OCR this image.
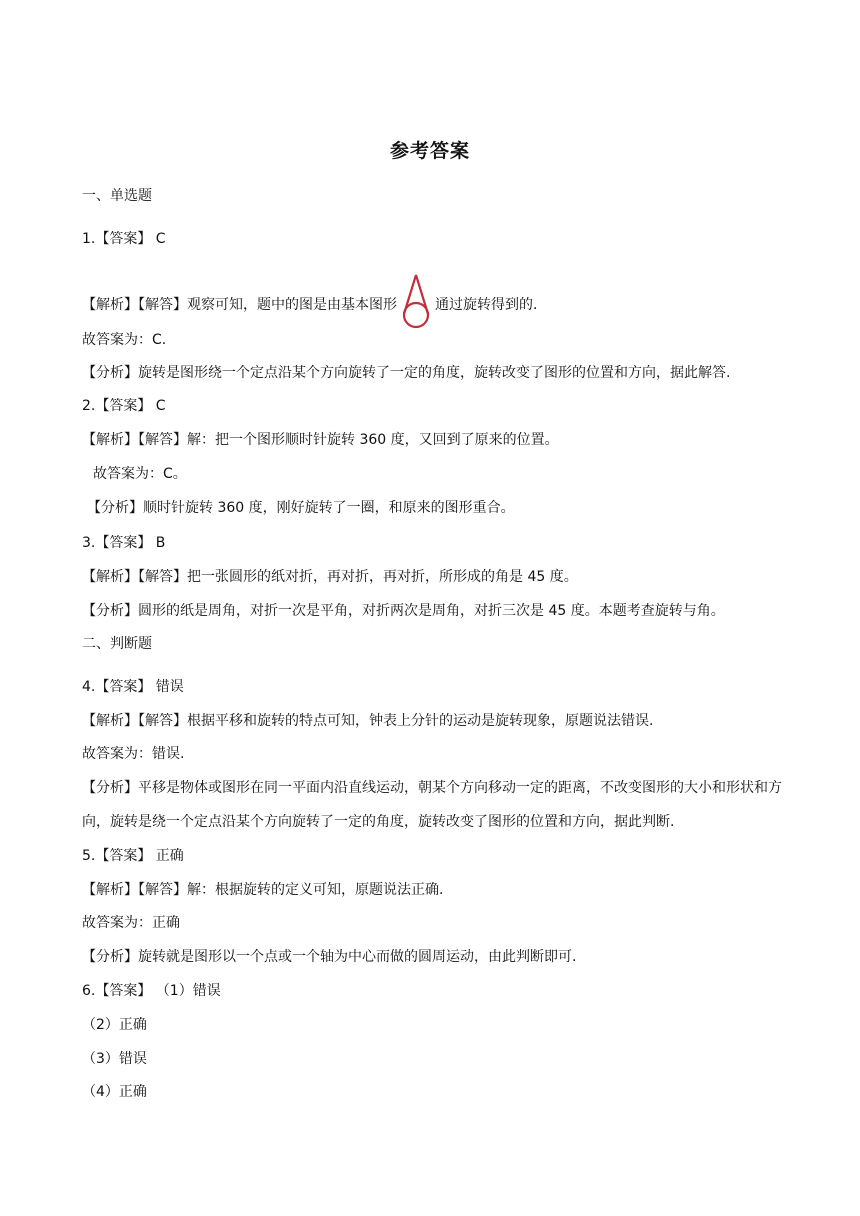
参考答案
一、单选题
1.【答案】 C
【解析】【解答】观察可知，题中的图是由基本图形	通过旋转得到的.
故答案为：C.
【分析】旋转是图形绕一个定点沿某个方向旋转了一定的角度，旋转改变了图形的位置和方向，据此解答.
2.【答案】 C
【解析】【解答】解：把一个图形顺时针旋转 360 度，又回到了原来的位置。
故答案为：C。
【分析】顺时针旋转 360 度，刚好旋转了一圈，和原来的图形重合。
3.【答案】 B
【解析】【解答】把一张圆形的纸对折，再对折，再对折，所形成的角是 45 度。
【分析】圆形的纸是周角，对折一次是平角，对折两次是周角，对折三次是 45 度。本题考查旋转与角。
二、判断题
4.【答案】 错误
【解析】【解答】根据平移和旋转的特点可知，钟表上分针的运动是旋转现象，原题说法错误.
故答案为：错误.
【分析】平移是物体或图形在同一平面内沿直线运动，朝某个方向移动一定的距离，不改变图形的大小和形状和方向，旋转是绕一个定点沿某个方向旋转了一定的角度，旋转改变了图形的位置和方向，据此判断.
5.【答案】 正确
【解析】【解答】解：根据旋转的定义可知，原题说法正确.
故答案为：正确
【分析】旋转就是图形以一个点或一个轴为中心而做的圆周运动，由此判断即可.
6.【答案】 （1）错误
（2）正确
（3）错误
（4）正确
